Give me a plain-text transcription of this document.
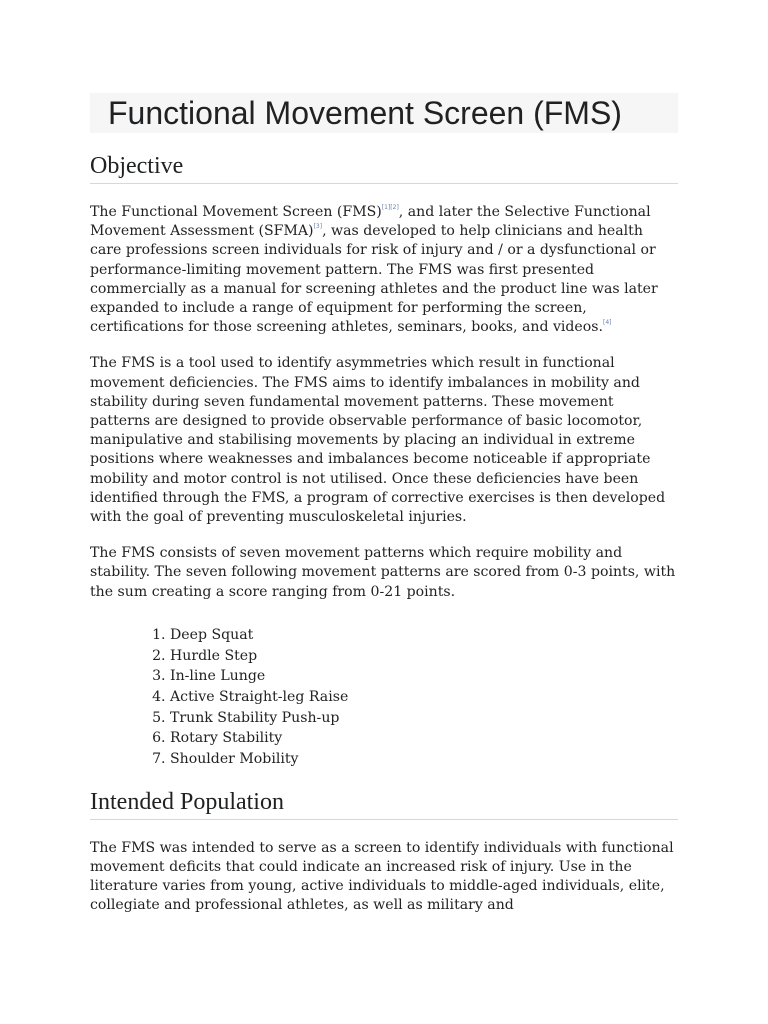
Functional Movement Screen (FMS)
Objective

The Functional Movement Screen (FMS)[1][2], and later the Selective Functional Movement Assessment (SFMA)[3], was developed to help clinicians and health care professions screen individuals for risk of injury and / or a dysfunctional or performance-limiting movement pattern. The FMS was first presented commercially as a manual for screening athletes and the product line was later expanded to include a range of equipment for performing the screen, certifications for those screening athletes, seminars, books, and videos.[4]

The FMS is a tool used to identify asymmetries which result in functional movement deficiencies. The FMS aims to identify imbalances in mobility and stability during seven fundamental movement patterns. These movement patterns are designed to provide observable performance of basic locomotor, manipulative and stabilising movements by placing an individual in extreme positions where weaknesses and imbalances become noticeable if appropriate mobility and motor control is not utilised. Once these deficiencies have been identified through the FMS, a program of corrective exercises is then developed with the goal of preventing musculoskeletal injuries.

The FMS consists of seven movement patterns which require mobility and stability. The seven following movement patterns are scored from 0-3 points, with the sum creating a score ranging from 0-21 points.

1. Deep Squat
2. Hurdle Step
3. In-line Lunge
4. Active Straight-leg Raise
5. Trunk Stability Push-up
6. Rotary Stability
7. Shoulder Mobility
Intended Population

The FMS was intended to serve as a screen to identify individuals with functional movement deficits that could indicate an increased risk of injury. Use in the literature varies from young, active individuals to middle-aged individuals, elite, collegiate and professional athletes, as well as military and
